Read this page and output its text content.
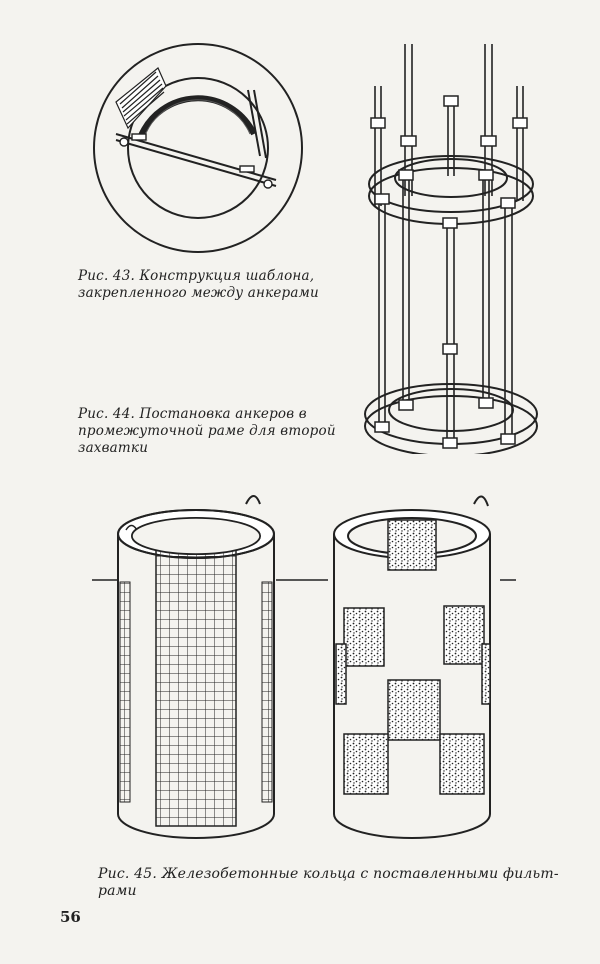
Рис. 43. Конструкция шаблона,
закрепленного между анкерами

Рис. 44. Постановка анкеров в
промежуточной раме для второй
захватки

Рис. 45. Железобетонные кольца с поставленными фильт-
рами

56
